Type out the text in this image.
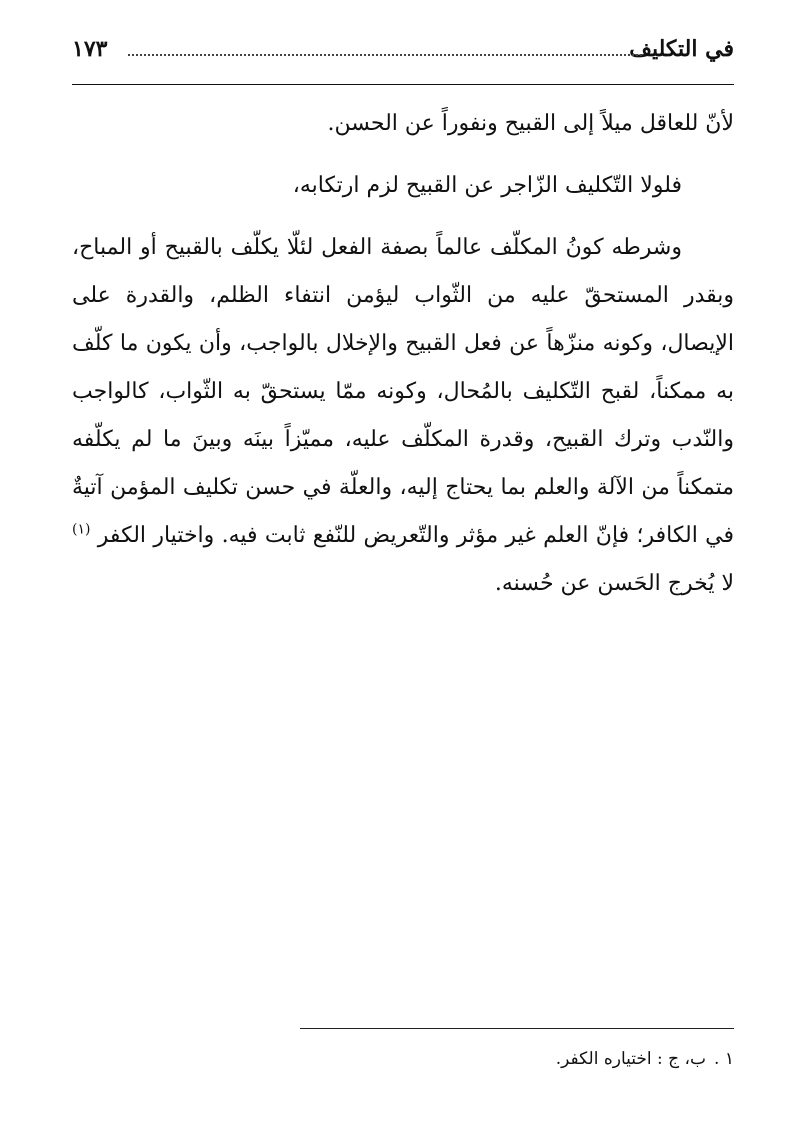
في التكليف
١٧٣

لأنّ للعاقل ميلاً إلى القبيح ونفوراً عن الحسن.

فلولا التّكليف الزّاجر عن القبيح لزم ارتكابه،

وشرطه كونُ المكلّف عالماً بصفة الفعل لئلّا يكلّف بالقبيح أو المباح، وبقدر المستحقّ عليه من الثّواب ليؤمن انتفاء الظلم، والقدرة على الإيصال، وكونه منزّهاً عن فعل القبيح والإخلال بالواجب، وأن يكون ما كلّف به ممكناً، لقبح التّكليف بالمُحال، وكونه ممّا يستحقّ به الثّواب، كالواجب والنّدب وترك القبيح، وقدرة المكلّف عليه، مميّزاً بينَه وبينَ ما لم يكلّفه متمكناً من الآلة والعلم بما يحتاج إليه، والعلّة في حسن تكليف المؤمن آتيةٌ في الكافر؛ فإنّ العلم غير مؤثر والتّعريض للنّفع ثابت فيه. واختيار الكفر $^{(١)}$ لا يُخرج الحَسن عن حُسنه.

١ .ب، ج : اختياره الكفر.
